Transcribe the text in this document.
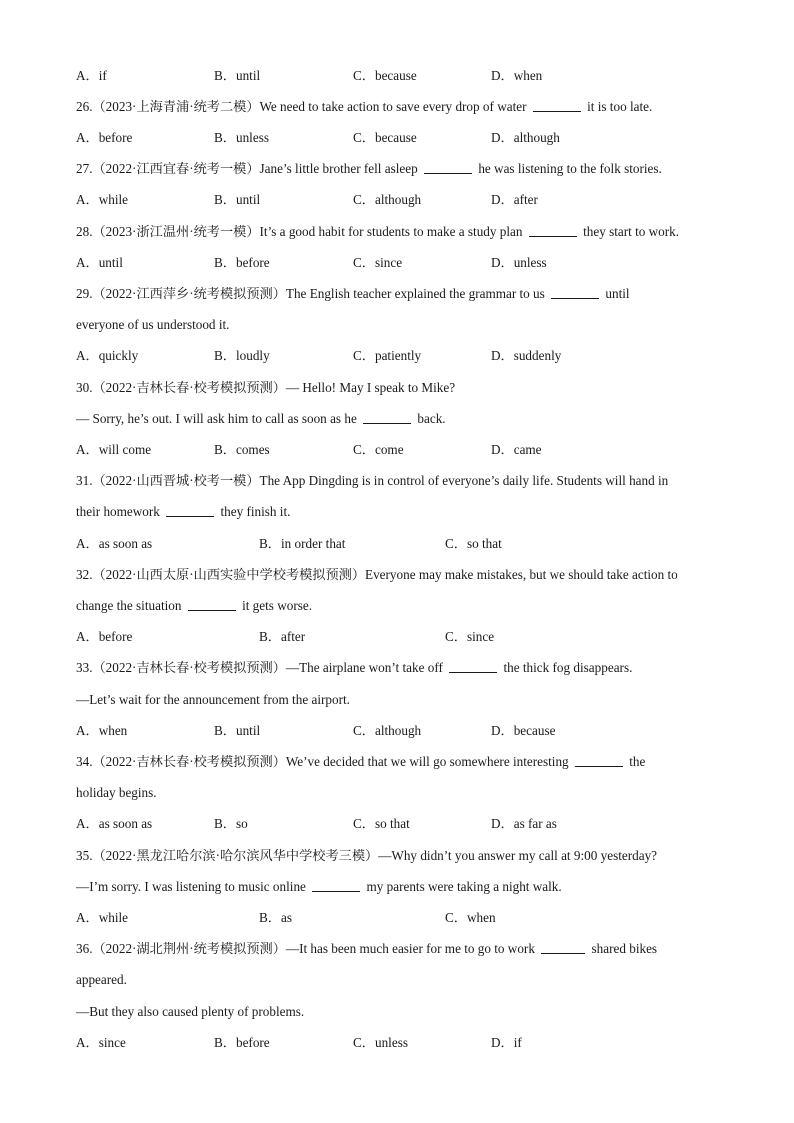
A．if	B．until	C．because	D．when
26.（2023·上海青浦·统考二模）We need to take action to save every drop of water	it is too late.
A．before	B．unless	C．because	D．although
27.（2022·江西宜春·统考一模）Jane’s little brother fell asleep	he was listening to the folk stories.
A．while	B．until	C．although	D．after
28.（2023·浙江温州·统考一模）It’s a good habit for students to make a study plan	they start to work.
A．until	B．before	C．since	D．unless
29.（2022·江西萍乡·统考模拟预测）The English teacher explained the grammar to us	until
everyone of us understood it.
A．quickly	B．loudly	C．patiently	D．suddenly
30.（2022·吉林长春·校考模拟预测）— Hello! May I speak to Mike?
— Sorry, he’s out. I will ask him to call as soon as he	back.
A．will come	B．comes	C．come	D．came
31.（2022·山西晋城·校考一模）The App Dingding is in control of everyone’s daily life. Students will hand in
their homework	they finish it.
A．as soon as	B．in order that	C．so that
32.（2022·山西太原·山西实验中学校考模拟预测）Everyone may make mistakes, but we should take action to
change the situation	it gets worse.
A．before	B．after	C．since
33.（2022·吉林长春·校考模拟预测）—The airplane won’t take off	the thick fog disappears.
—Let’s wait for the announcement from the airport.
A．when	B．until	C．although	D．because
34.（2022·吉林长春·校考模拟预测）We’ve decided that we will go somewhere interesting	the
holiday begins.
A．as soon as	B．so	C．so that	D．as far as
35.（2022·黑龙江哈尔滨·哈尔滨风华中学校考三模）—Why didn’t you answer my call at 9:00 yesterday?
—I’m sorry. I was listening to music online	my parents were taking a night walk.
A．while	B．as	C．when
36.（2022·湖北荆州·统考模拟预测）—It has been much easier for me to go to work	shared bikes
appeared.
—But they also caused plenty of problems.
A．since	B．before	C．unless	D．if
